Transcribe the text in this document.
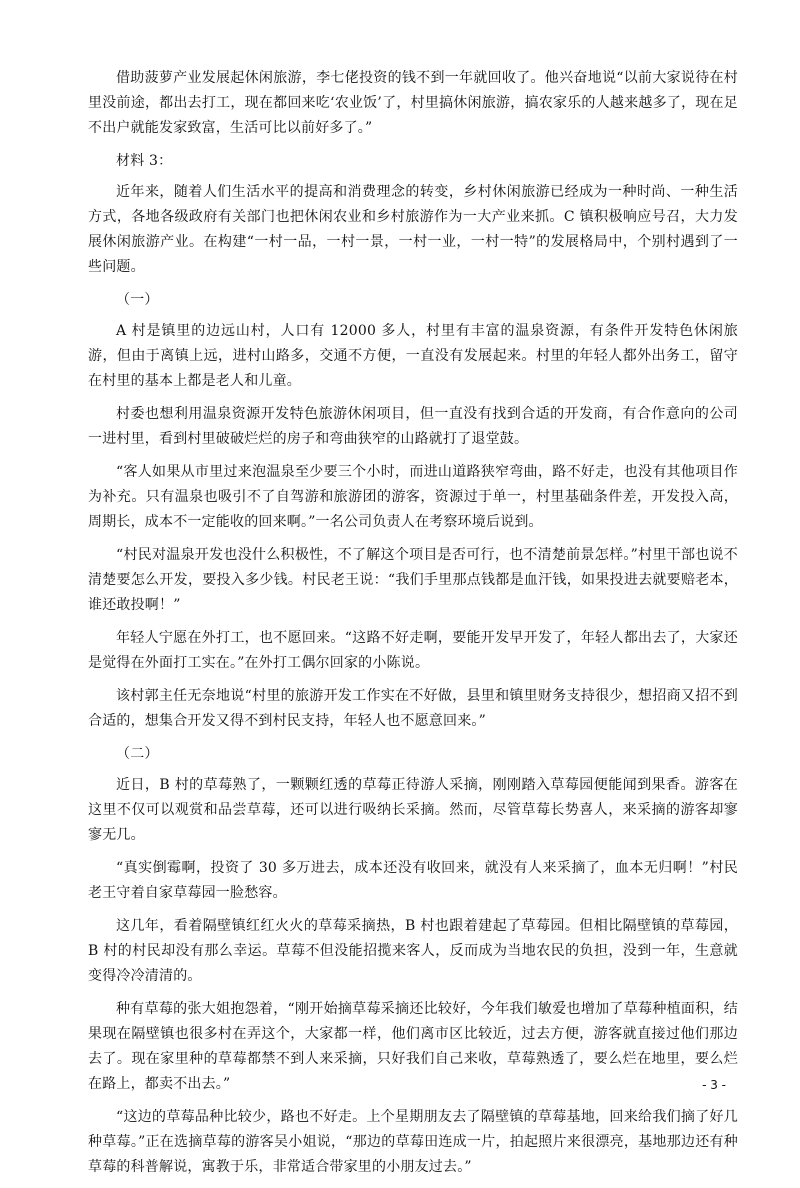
借助菠萝产业发展起休闲旅游，李七佬投资的钱不到一年就回收了。他兴奋地说“以前大家说待在村里没前途，都出去打工，现在都回来吃‘农业饭’了，村里搞休闲旅游，搞农家乐的人越来越多了，现在足不出户就能发家致富，生活可比以前好多了。”

材料 3：

近年来，随着人们生活水平的提高和消费理念的转变，乡村休闲旅游已经成为一种时尚、一种生活方式，各地各级政府有关部门也把休闲农业和乡村旅游作为一大产业来抓。C 镇积极响应号召，大力发展休闲旅游产业。在构建“一村一品，一村一景，一村一业，一村一特”的发展格局中，个别村遇到了一些问题。

（一）

A 村是镇里的边远山村，人口有 12000 多人，村里有丰富的温泉资源，有条件开发特色休闲旅游，但由于离镇上远，进村山路多，交通不方便，一直没有发展起来。村里的年轻人都外出务工，留守在村里的基本上都是老人和儿童。

村委也想利用温泉资源开发特色旅游休闲项目，但一直没有找到合适的开发商，有合作意向的公司一进村里，看到村里破破烂烂的房子和弯曲狭窄的山路就打了退堂鼓。

“客人如果从市里过来泡温泉至少要三个小时，而进山道路狭窄弯曲，路不好走，也没有其他项目作为补充。只有温泉也吸引不了自驾游和旅游团的游客，资源过于单一，村里基础条件差，开发投入高，周期长，成本不一定能收的回来啊。”一名公司负责人在考察环境后说到。

“村民对温泉开发也没什么积极性，不了解这个项目是否可行，也不清楚前景怎样。”村里干部也说不清楚要怎么开发，要投入多少钱。村民老王说：“我们手里那点钱都是血汗钱，如果投进去就要赔老本，谁还敢投啊！”

年轻人宁愿在外打工，也不愿回来。“这路不好走啊，要能开发早开发了，年轻人都出去了，大家还是觉得在外面打工实在。”在外打工偶尔回家的小陈说。

该村郭主任无奈地说“村里的旅游开发工作实在不好做，县里和镇里财务支持很少，想招商又招不到合适的，想集合开发又得不到村民支持，年轻人也不愿意回来。”

（二）

近日，B 村的草莓熟了，一颗颗红透的草莓正待游人采摘，刚刚踏入草莓园便能闻到果香。游客在这里不仅可以观赏和品尝草莓，还可以进行吸纳长采摘。然而，尽管草莓长势喜人，来采摘的游客却寥寥无几。

“真实倒霉啊，投资了 30 多万进去，成本还没有收回来，就没有人来采摘了，血本无归啊！”村民老王守着自家草莓园一脸愁容。

这几年，看着隔壁镇红红火火的草莓采摘热，B 村也跟着建起了草莓园。但相比隔壁镇的草莓园，B 村的村民却没有那么幸运。草莓不但没能招揽来客人，反而成为当地农民的负担，没到一年，生意就变得冷冷清清的。

种有草莓的张大姐抱怨着，“刚开始摘草莓采摘还比较好，今年我们敏爱也增加了草莓种植面积，结果现在隔壁镇也很多村在弄这个，大家都一样，他们离市区比较近，过去方便，游客就直接过他们那边去了。现在家里种的草莓都禁不到人来采摘，只好我们自己来收，草莓熟透了，要么烂在地里，要么烂在路上，都卖不出去。”

“这边的草莓品种比较少，路也不好走。上个星期朋友去了隔壁镇的草莓基地，回来给我们摘了好几种草莓。”正在选摘草莓的游客吴小姐说，“那边的草莓田连成一片，拍起照片来很漂亮，基地那边还有种草莓的科普解说，寓教于乐，非常适合带家里的小朋友过去。”

- 3 -
